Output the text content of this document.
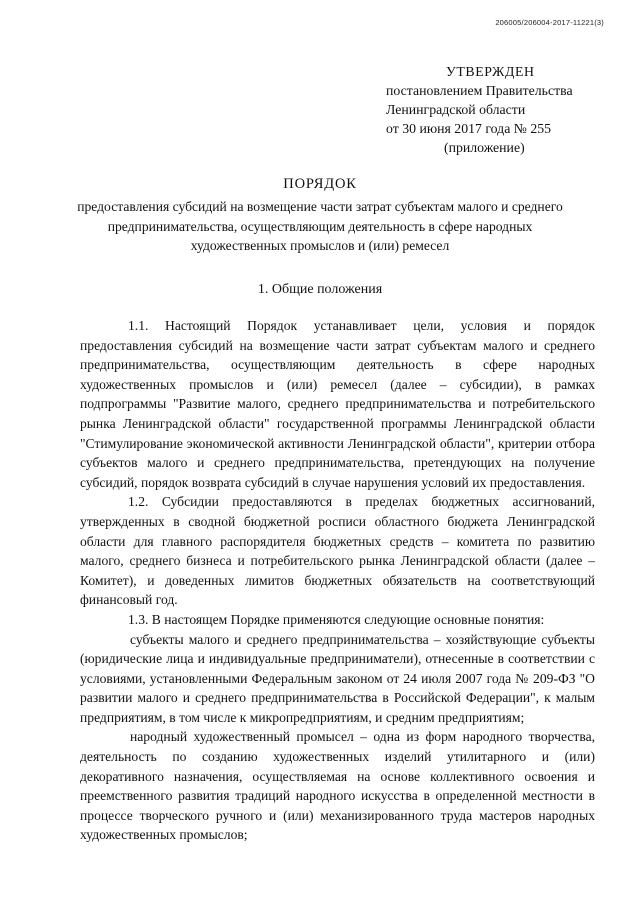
206005/206004-2017-11221(3)
УТВЕРЖДЕН
постановлением Правительства
Ленинградской области
от 30 июня 2017 года № 255
(приложение)
ПОРЯДОК
предоставления субсидий на возмещение части затрат субъектам малого и среднего предпринимательства, осуществляющим деятельность в сфере народных художественных промыслов и (или) ремесел
1. Общие положения

1.1. Настоящий Порядок устанавливает цели, условия и порядок предоставления субсидий на возмещение части затрат субъектам малого и среднего предпринимательства, осуществляющим деятельность в сфере народных художественных промыслов и (или) ремесел (далее – субсидии), в рамках подпрограммы "Развитие малого, среднего предпринимательства и потребительского рынка Ленинградской области" государственной программы Ленинградской области "Стимулирование экономической активности Ленинградской области", критерии отбора субъектов малого и среднего предпринимательства, претендующих на получение субсидий, порядок возврата субсидий в случае нарушения условий их предоставления.

1.2. Субсидии предоставляются в пределах бюджетных ассигнований, утвержденных в сводной бюджетной росписи областного бюджета Ленинградской области для главного распорядителя бюджетных средств – комитета по развитию малого, среднего бизнеса и потребительского рынка Ленинградской области (далее – Комитет), и доведенных лимитов бюджетных обязательств на соответствующий финансовый год.

1.3. В настоящем Порядке применяются следующие основные понятия:

субъекты малого и среднего предпринимательства – хозяйствующие субъекты (юридические лица и индивидуальные предприниматели), отнесенные в соответствии с условиями, установленными Федеральным законом от 24 июля 2007 года № 209-ФЗ "О развитии малого и среднего предпринимательства в Российской Федерации", к малым предприятиям, в том числе к микропредприятиям, и средним предприятиям;

народный художественный промысел – одна из форм народного творчества, деятельность по созданию художественных изделий утилитарного и (или) декоративного назначения, осуществляемая на основе коллективного освоения и преемственного развития традиций народного искусства в определенной местности в процессе творческого ручного и (или) механизированного труда мастеров народных художественных промыслов;
